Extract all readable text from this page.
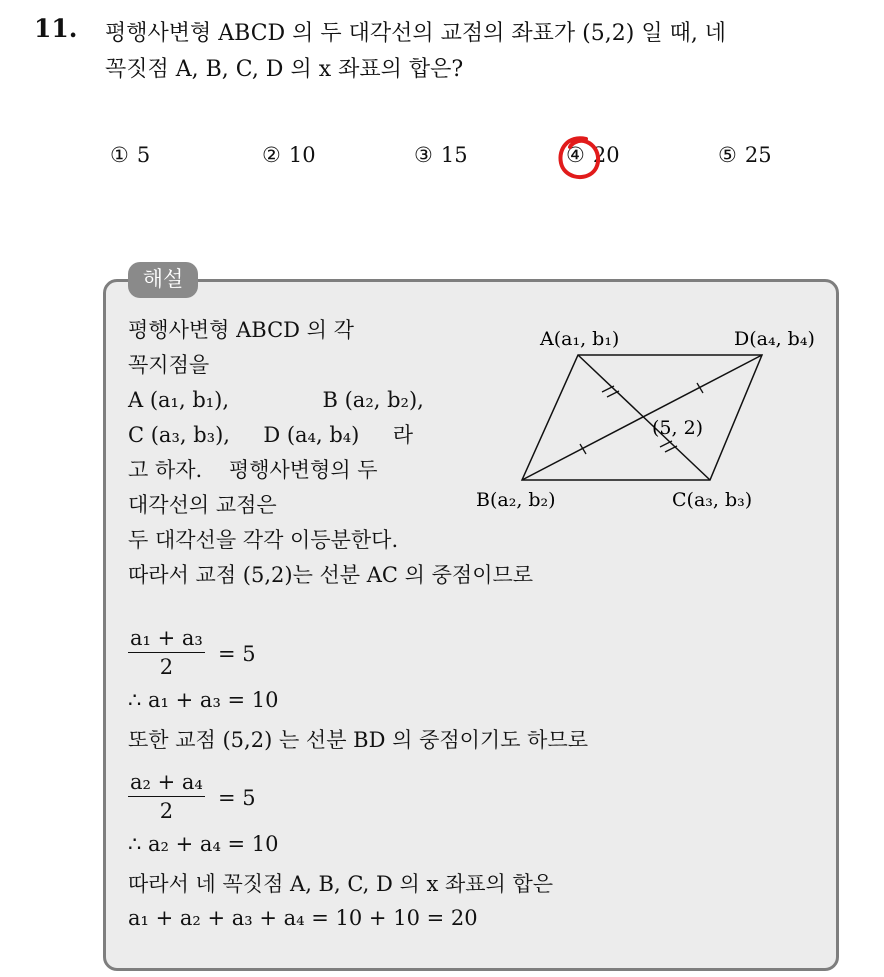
11. 평행사변형 ABCD 의 두 대각선의 교점의 좌표가 (5,2) 일 때, 네
꼭짓점 A, B, C, D 의 x 좌표의 합은?
① 5	② 10	③ 15	④ 20	⑤ 25
해설
평행사변형 ABCD 의 각
꼭지점을
A (a₁, b₁),              B (a₂, b₂),
C (a₃, b₃),     D (a₄, b₄)     라
고 하자.    평행사변형의 두
대각선의 교점은
두 대각선을 각각 이등분한다.
따라서 교점 (5,2)는 선분 AC 의 중점이므로
$\frac{\text{a₁ + a₃}}{2} = 5$
∴ a₁ + a₃ = 10
또한 교점 (5,2) 는 선분 BD 의 중점이기도 하므로
$\frac{\text{a₂ + a₄}}{2} = 5$
∴ a₂ + a₄ = 10
따라서 네 꼭짓점 A, B, C, D 의 x 좌표의 합은
a₁ + a₂ + a₃ + a₄ = 10 + 10 = 20
A(a₁, b₁)	D(a₄, b₄)
B(a₂, b₂)	C(a₃, b₃)
(5, 2)
